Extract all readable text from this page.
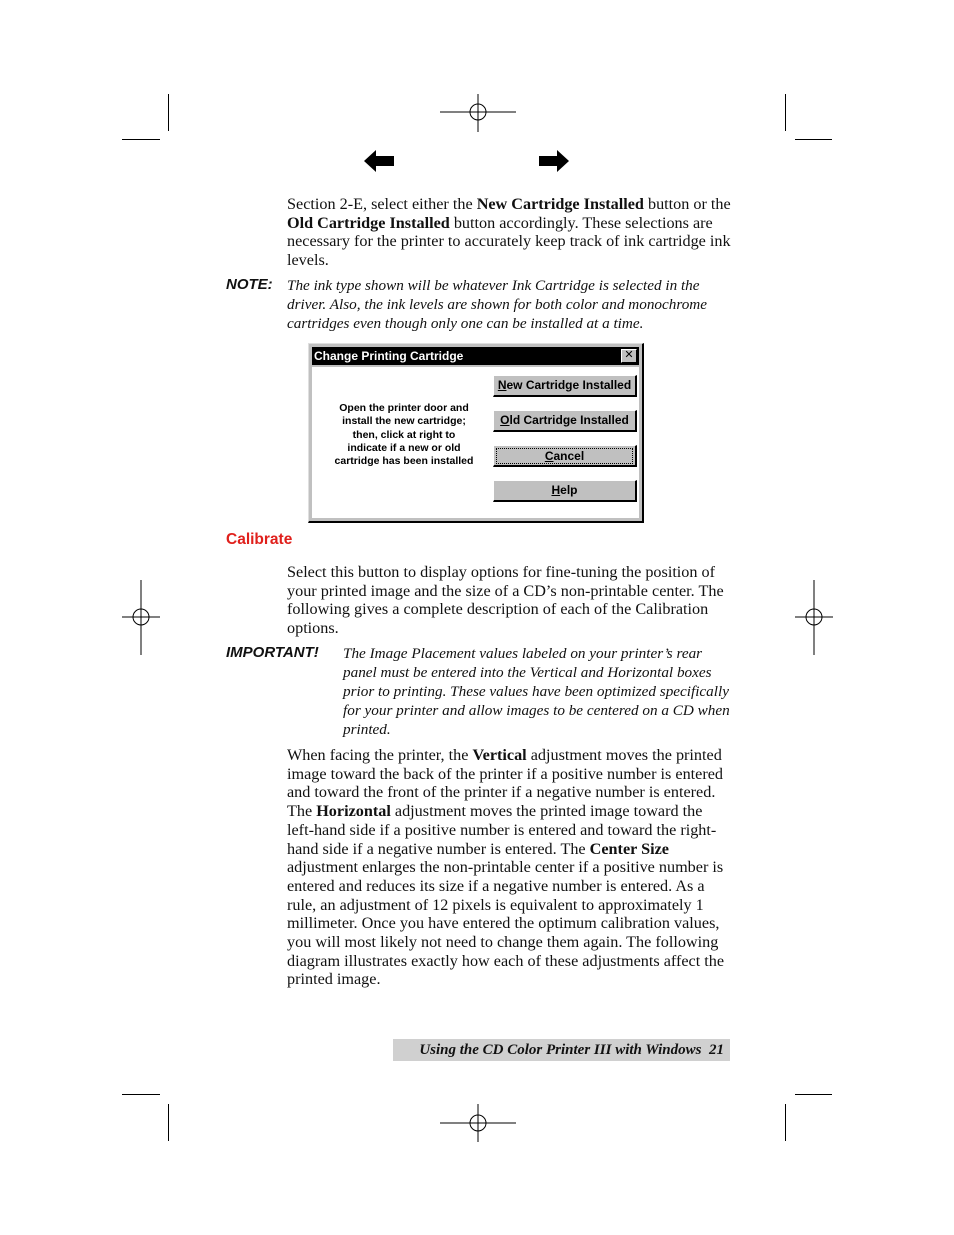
Section 2-E, select either the New Cartridge Installed button or the Old Cartridge Installed button accordingly. These selections are necessary for the printer to accurately keep track of ink cartridge ink levels.

NOTE: The ink type shown will be whatever Ink Cartridge is selected in the driver. Also, the ink levels are shown for both color and monochrome cartridges even though only one can be installed at a time.
Change Printing Cartridge	✕
Open the printer door and
install the new cartridge;
then, click at right to
indicate if a new or old
cartridge has been installed
New Cartridge Installed
Old Cartridge Installed
Cancel
Help
Calibrate
Select this button to display options for fine-tuning the position of your printed image and the size of a CD’s non-printable center. The following gives a complete description of each of the Calibration options.
IMPORTANT! The Image Placement values labeled on your printer’s rear panel must be entered into the Vertical and Horizontal boxes prior to printing. These values have been optimized specifically for your printer and allow images to be centered on a CD when printed.

When facing the printer, the Vertical adjustment moves the printed image toward the back of the printer if a positive number is entered and toward the front of the printer if a negative number is entered. The Horizontal adjustment moves the printed image toward the left-hand side if a positive number is entered and toward the right-hand side if a negative number is entered. The Center Size adjustment enlarges the non-printable center if a positive number is entered and reduces its size if a negative number is entered. As a rule, an adjustment of 12 pixels is equivalent to approximately 1 millimeter. Once you have entered the optimum calibration values, you will most likely not need to change them again. The following diagram illustrates exactly how each of these adjustments affect the printed image.

Using the CD Color Printer III with Windows 21
